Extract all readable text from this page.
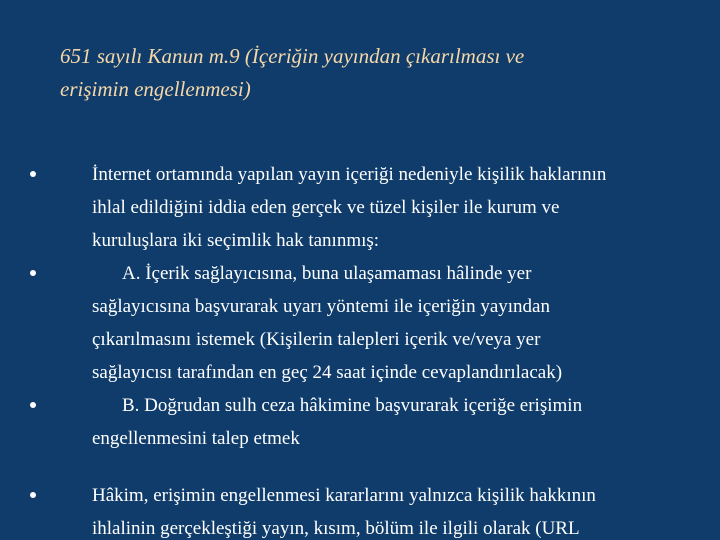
651 sayılı Kanun m.9 (İçeriğin yayından çıkarılması ve
erişimin engellenmesi)
İnternet ortamında yapılan yayın içeriği nedeniyle kişilik haklarının
ihlal edildiğini iddia eden gerçek ve tüzel kişiler ile kurum ve
kuruluşlara iki seçimlik hak tanınmış:
A. İçerik sağlayıcısına, buna ulaşamaması hâlinde yer
sağlayıcısına başvurarak uyarı yöntemi ile içeriğin yayından
çıkarılmasını istemek (Kişilerin talepleri içerik ve/veya yer
sağlayıcısı tarafından en geç 24 saat içinde cevaplandırılacak)
B. Doğrudan sulh ceza hâkimine başvurarak içeriğe erişimin
engellenmesini talep etmek
Hâkim, erişimin engellenmesi kararlarını yalnızca kişilik hakkının
ihlalinin gerçekleştiği yayın, kısım, bölüm ile ilgili olarak (URL
